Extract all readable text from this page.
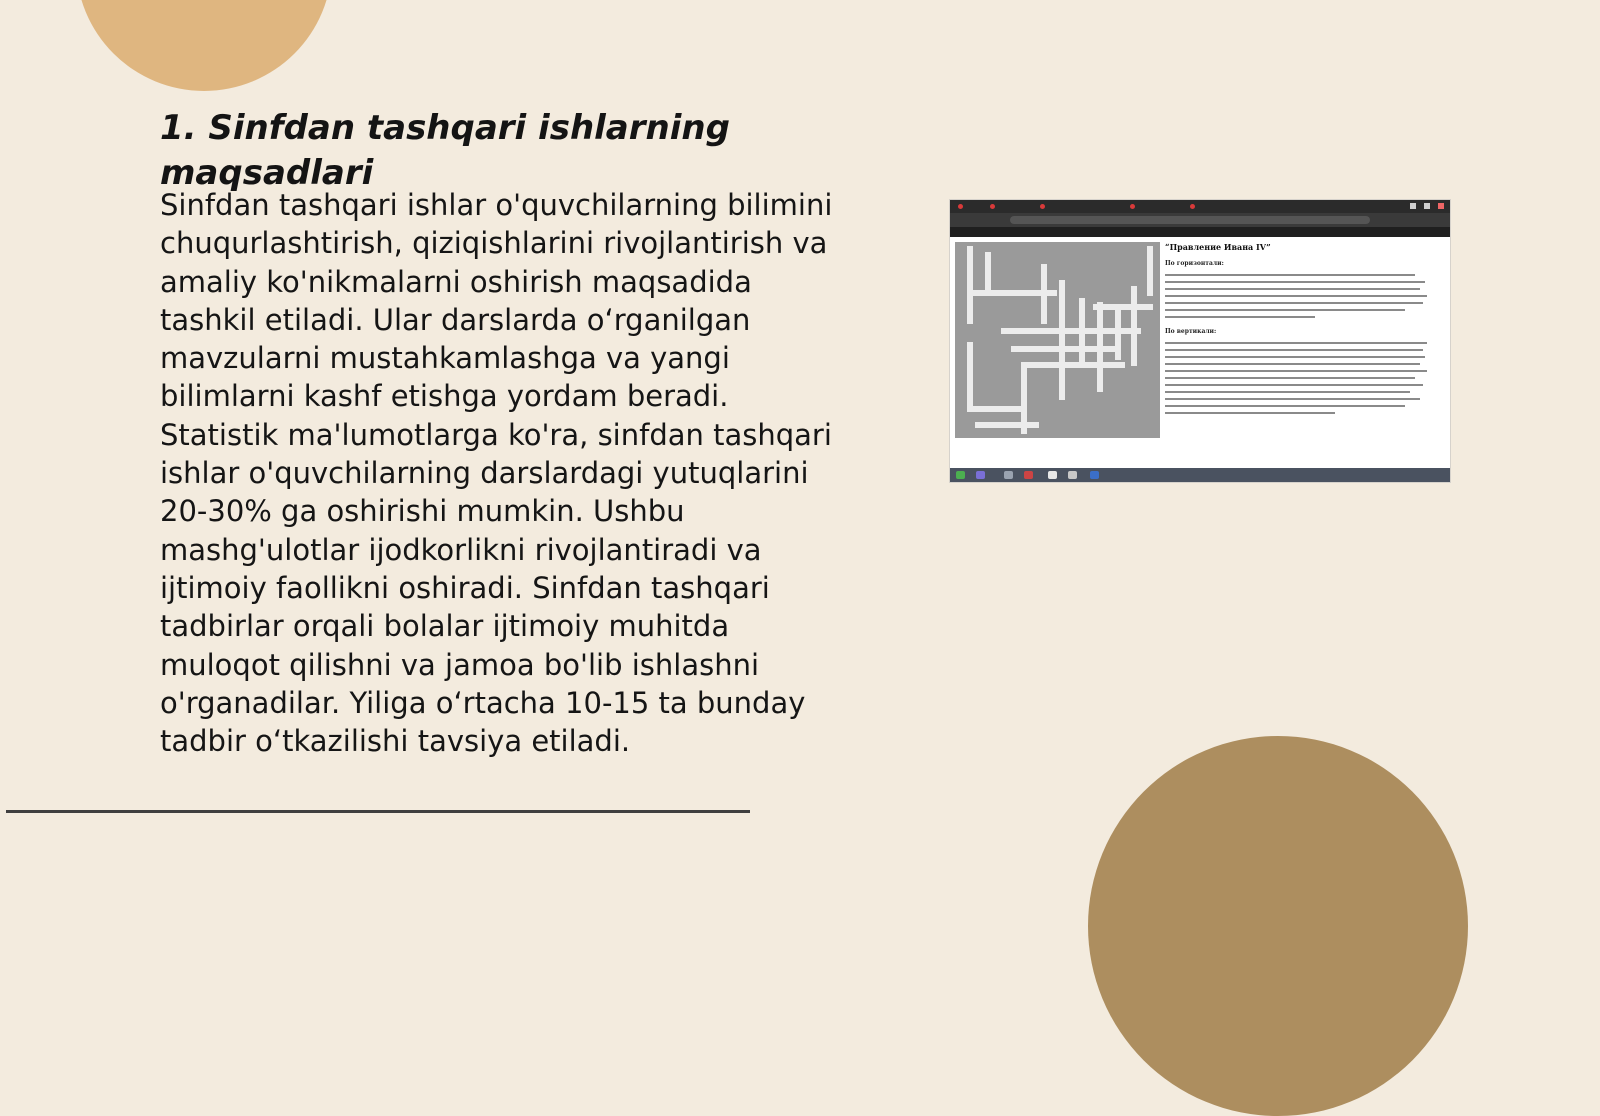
1. Sinfdan tashqari ishlarning maqsadlari

Sinfdan tashqari ishlar o'quvchilarning bilimini chuqurlashtirish, qiziqishlarini rivojlantirish va amaliy ko'nikmalarni oshirish maqsadida tashkil etiladi. Ular darslarda o‘rganilgan mavzularni mustahkamlashga va yangi bilimlarni kashf etishga yordam beradi. Statistik ma'lumotlarga ko'ra, sinfdan tashqari ishlar o'quvchilarning darslardagi yutuqlarini 20-30% ga oshirishi mumkin. Ushbu mashg'ulotlar ijodkorlikni rivojlantiradi va ijtimoiy faollikni oshiradi. Sinfdan tashqari tadbirlar orqali bolalar ijtimoiy muhitda muloqot qilishni va jamoa bo'lib ishlashni o'rganadilar. Yiliga o‘rtacha 10-15 ta bunday tadbir o‘tkazilishi tavsiya etiladi.

“Правление Ивана IV”
По горизонтали:
По вертикали:
